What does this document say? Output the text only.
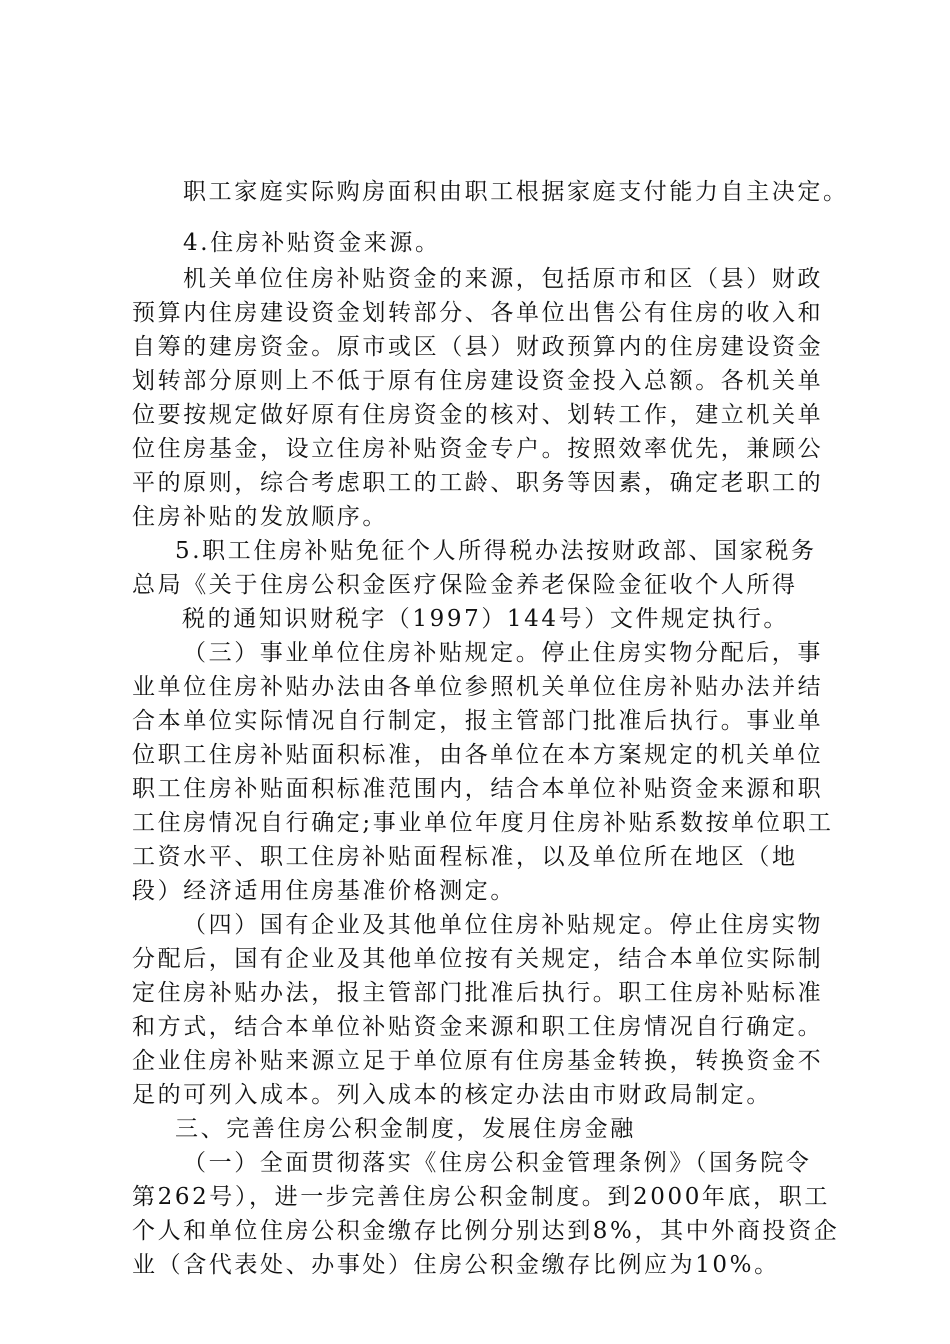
职工家庭实际购房面积由职工根据家庭支付能力自主决定。
4.住房补贴资金来源。
机关单位住房补贴资金的来源，包括原市和区（县）财政
预算内住房建设资金划转部分、各单位出售公有住房的收入和
自筹的建房资金。原市或区（县）财政预算内的住房建设资金
划转部分原则上不低于原有住房建设资金投入总额。各机关单
位要按规定做好原有住房资金的核对、划转工作，建立机关单
位住房基金，设立住房补贴资金专户。按照效率优先，兼顾公
平的原则，综合考虑职工的工龄、职务等因素，确定老职工的
住房补贴的发放顺序。
5.职工住房补贴免征个人所得税办法按财政部、国家税务
总局《关于住房公积金医疗保险金养老保险金征收个人所得
税的通知识财税字（1997）144号）文件规定执行。
（三）事业单位住房补贴规定。停止住房实物分配后，事
业单位住房补贴办法由各单位参照机关单位住房补贴办法并结
合本单位实际情况自行制定，报主管部门批准后执行。事业单
位职工住房补贴面积标准，由各单位在本方案规定的机关单位
职工住房补贴面积标准范围内，结合本单位补贴资金来源和职
工住房情况自行确定;事业单位年度月住房补贴系数按单位职工
工资水平、职工住房补贴面程标准，以及单位所在地区（地
段）经济适用住房基准价格测定。
（四）国有企业及其他单位住房补贴规定。停止住房实物
分配后，国有企业及其他单位按有关规定，结合本单位实际制
定住房补贴办法，报主管部门批准后执行。职工住房补贴标准
和方式，结合本单位补贴资金来源和职工住房情况自行确定。
企业住房补贴来源立足于单位原有住房基金转换，转换资金不
足的可列入成本。列入成本的核定办法由市财政局制定。
三、完善住房公积金制度，发展住房金融
（一）全面贯彻落实《住房公积金管理条例》（国务院令
第262号），进一步完善住房公积金制度。到2000年底，职工
个人和单位住房公积金缴存比例分别达到8%，其中外商投资企
业（含代表处、办事处）住房公积金缴存比例应为10%。
